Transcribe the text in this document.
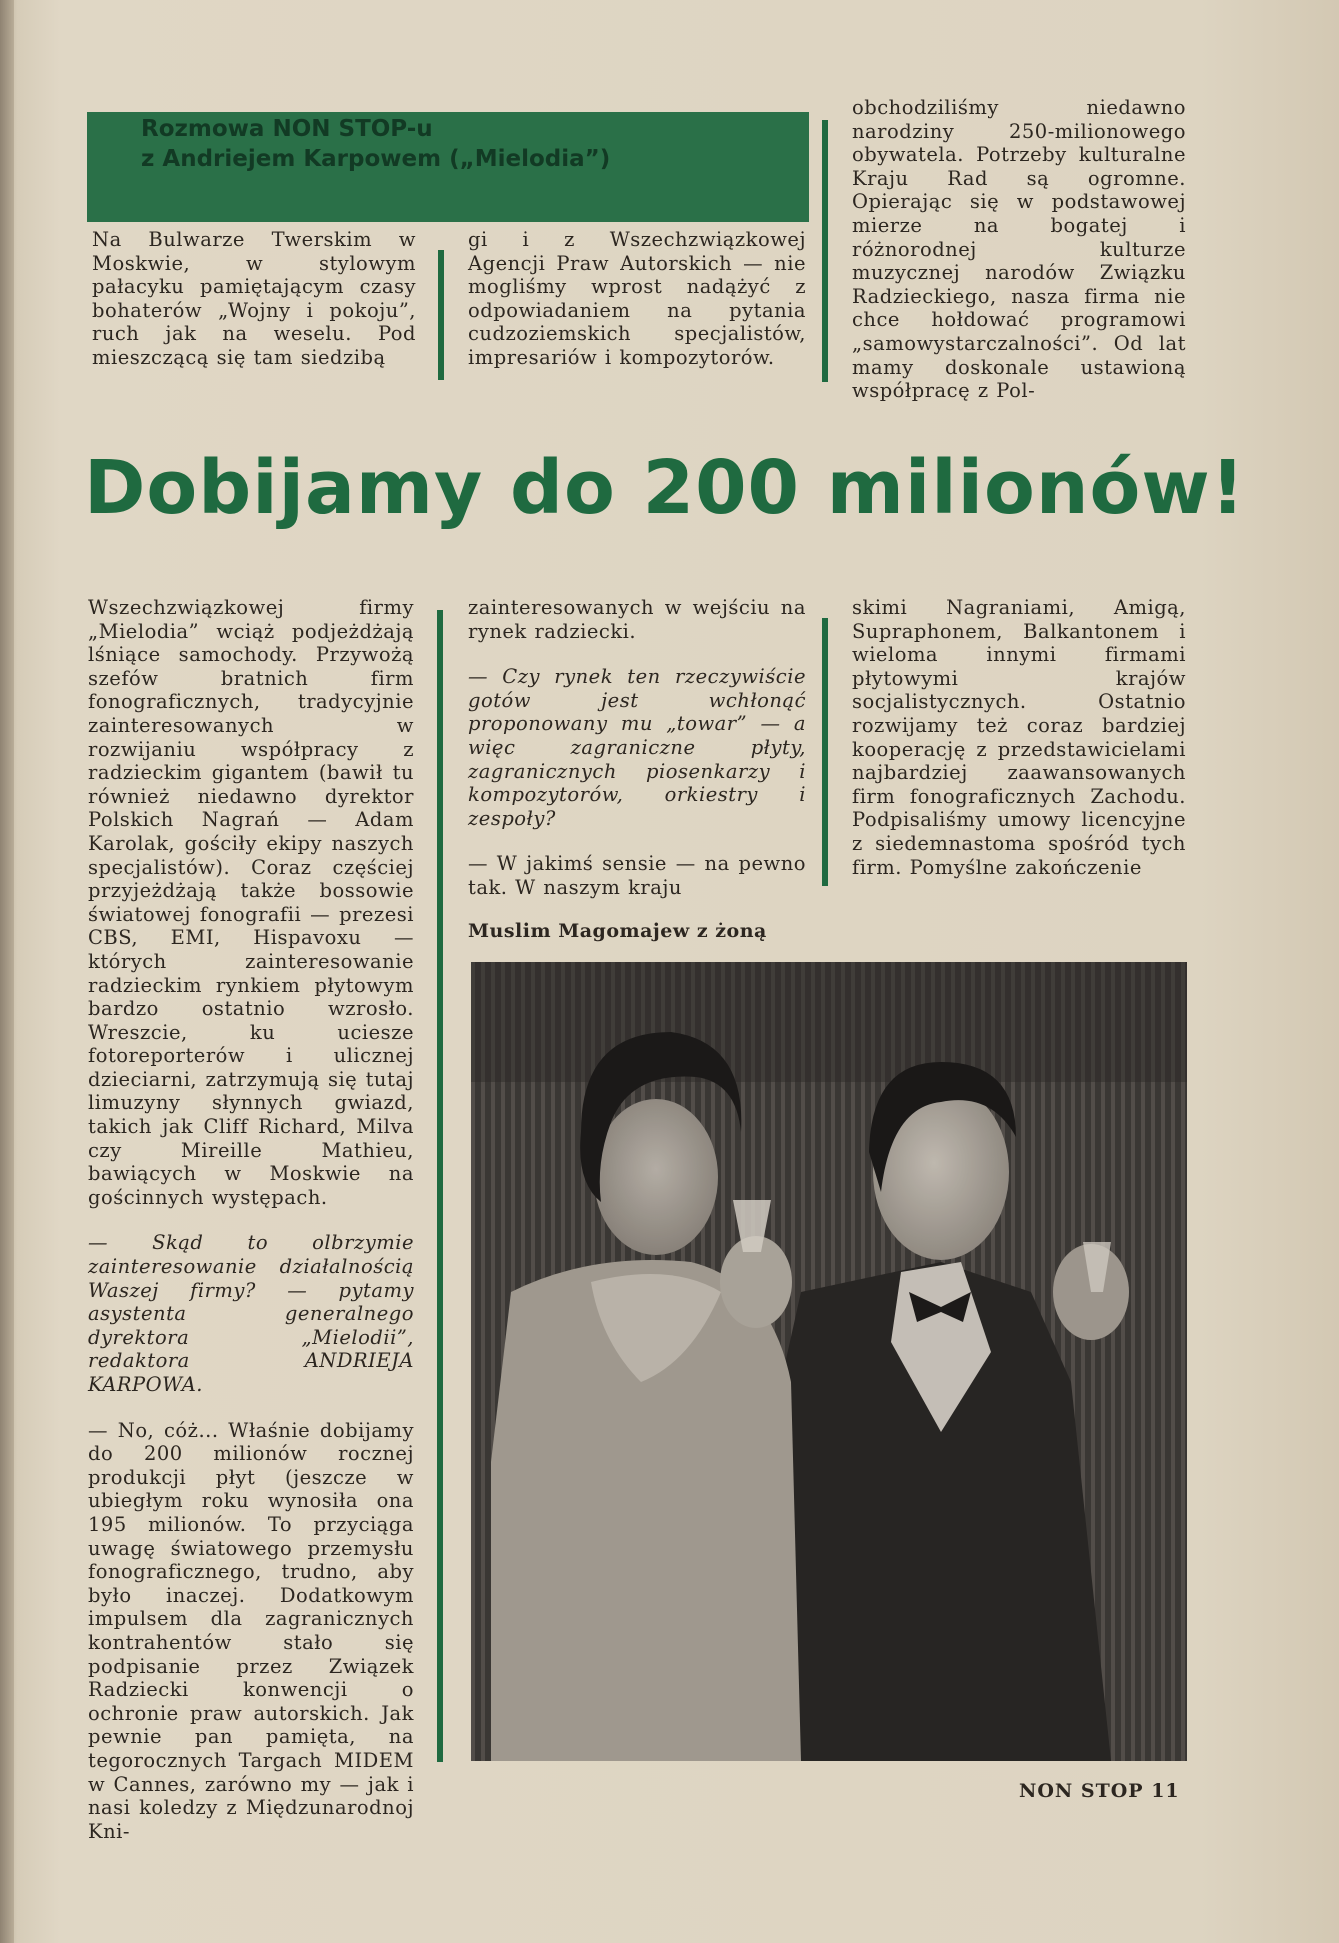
Rozmowa NON STOP-u
z Andriejem Karpowem („Mielodia”)

Na Bulwarze Twerskim w Moskwie, w stylowym pałacyku pamiętającym czasy bohaterów „Wojny i pokoju”, ruch jak na weselu. Pod mieszczącą się tam siedzibą

gi i z Wszechzwiązkowej Agencji Praw Autorskich — nie mogliśmy wprost nadążyć z odpowiadaniem na pytania cudzoziemskich specjalistów, impresariów i kompozytorów.

obchodziliśmy niedawno narodziny 250-milionowego obywatela. Potrzeby kulturalne Kraju Rad są ogromne. Opierając się w podstawowej mierze na bogatej i różnorodnej kulturze muzycznej narodów Związku Radzieckiego, nasza firma nie chce hołdować programowi „samowystarczalności”. Od lat mamy doskonale ustawioną współpracę z Pol-

Dobijamy do 200 milionów!

Wszechzwiązkowej firmy „Mielodia” wciąż podjeżdżają lśniące samochody. Przywożą szefów bratnich firm fonograficznych, tradycyjnie zainteresowanych w rozwijaniu współpracy z radzieckim gigantem (bawił tu również niedawno dyrektor Polskich Nagrań — Adam Karolak, gościły ekipy naszych specjalistów). Coraz częściej przyjeżdżają także bossowie światowej fonografii — prezesi CBS, EMI, Hispavoxu — których zainteresowanie radzieckim rynkiem płytowym bardzo ostatnio wzrosło. Wreszcie, ku uciesze fotoreporterów i ulicznej dzieciarni, zatrzymują się tutaj limuzyny słynnych gwiazd, takich jak Cliff Richard, Milva czy Mireille Mathieu, bawiących w Moskwie na gościnnych występach.

— Skąd to olbrzymie zainteresowanie działalnością Waszej firmy? — pytamy asystenta generalnego dyrektora „Mielodii”, redaktora ANDRIEJA KARPOWA.

— No, cóż... Właśnie dobijamy do 200 milionów rocznej produkcji płyt (jeszcze w ubiegłym roku wynosiła ona 195 milionów. To przyciąga uwagę światowego przemysłu fonograficznego, trudno, aby było inaczej. Dodatkowym impulsem dla zagranicznych kontrahentów stało się podpisanie przez Związek Radziecki konwencji o ochronie praw autorskich. Jak pewnie pan pamięta, na tegorocznych Targach MIDEM w Cannes, zarówno my — jak i nasi koledzy z Międzunarodnoj Kni-

zainteresowanych w wejściu na rynek radziecki.

— Czy rynek ten rzeczywiście gotów jest wchłonąć proponowany mu „towar” — a więc zagraniczne płyty, zagranicznych piosenkarzy i kompozytorów, orkiestry i zespoły?

— W jakimś sensie — na pewno tak. W naszym kraju

skimi Nagraniami, Amigą, Supraphonem, Balkantonem i wieloma innymi firmami płytowymi krajów socjalistycznych. Ostatnio rozwijamy też coraz bardziej kooperację z przedstawicielami najbardziej zaawansowanych firm fonograficznych Zachodu. Podpisaliśmy umowy licencyjne z siedemnastoma spośród tych firm. Pomyślne zakończenie

Muslim Magomajew z żoną
NON STOP 11
